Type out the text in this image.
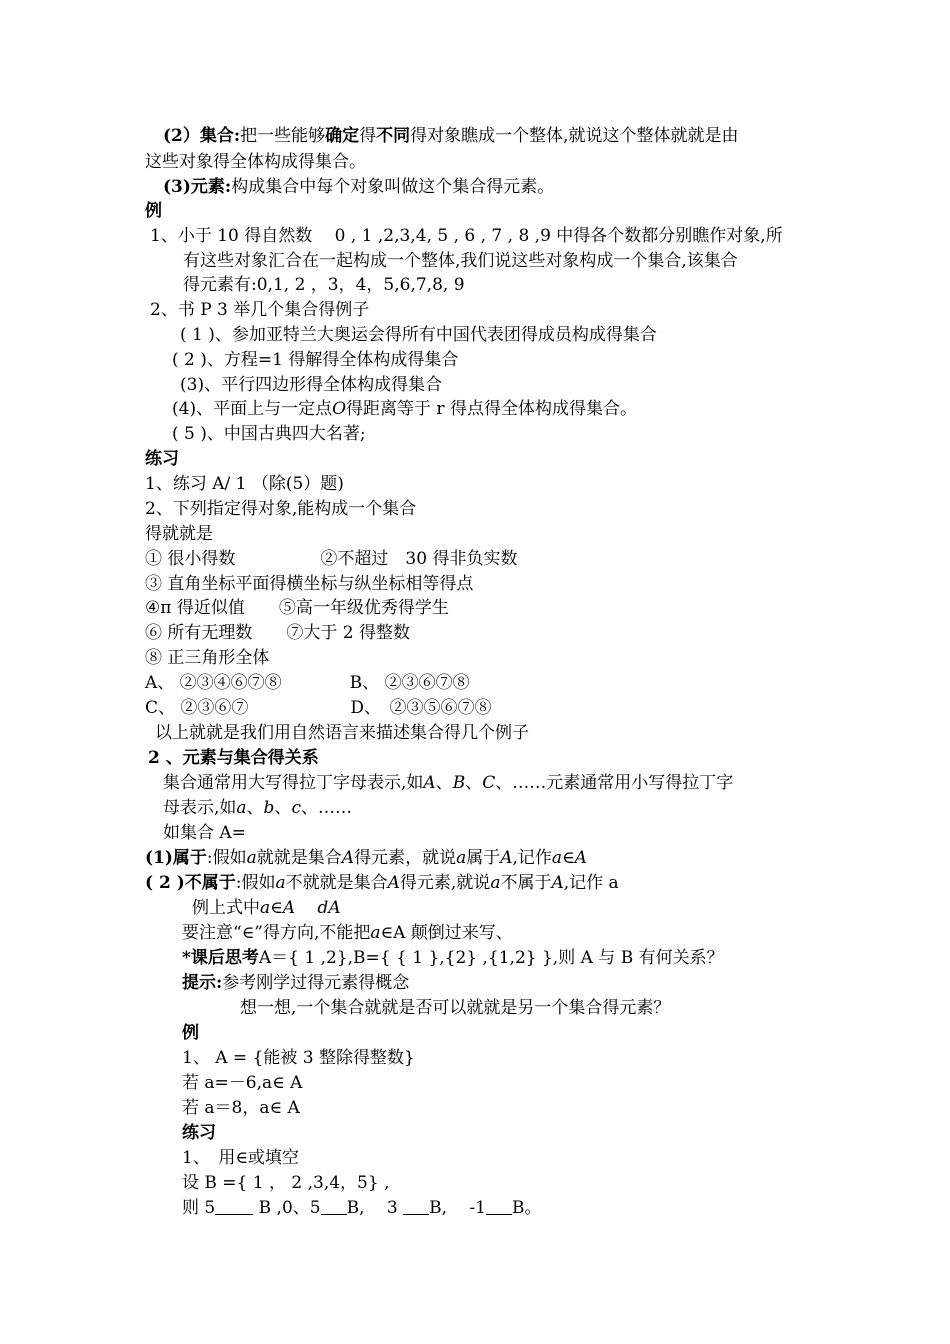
(2）集合:把一些能够确定得不同得对象瞧成一个整体,就说这个整体就就是由
这些对象得全体构成得集合。
(3)元素:构成集合中每个对象叫做这个集合得元素。
例
1、小于 10 得自然数　 0 , 1 ,2,3,4, 5 , 6 , 7 , 8 ,9 中得各个数都分别瞧作对象,所
有这些对象汇合在一起构成一个整体,我们说这些对象构成一个集合,该集合
得元素有:0,1, 2 ，3，4，5,6,7,8, 9
2、书 P 3 举几个集合得例子
( 1 )、参加亚特兰大奥运会得所有中国代表团得成员构成得集合
( 2 )、方程=1 得解得全体构成得集合
(3)、平行四边形得全体构成得集合
(4)、平面上与一定点O得距离等于 r 得点得全体构成得集合。
( 5 )、中国古典四大名著;
练习
1、练习 A/ 1 （除(5）题)
2、下列指定得对象,能构成一个集合
得就就是
① 很小得数　　　　　②不超过　30 得非负实数
③ 直角坐标平面得横坐标与纵坐标相等得点
④π 得近似值　　⑤高一年级优秀得学生
⑥ 所有无理数　　⑦大于 2 得整数
⑧ 正三角形全体
A、 ②③④⑥⑦⑧　　　　B、 ②③⑥⑦⑧
C、 ②③⑥⑦　　　　　　D、　②③⑤⑥⑦⑧
以上就就是我们用自然语言来描述集合得几个例子
2 、元素与集合得关系
集合通常用大写得拉丁字母表示,如A、B、C、……元素通常用小写得拉丁字
母表示,如a、b、c、……
如集合 A=
(1)属于:假如a就就是集合A得元素，就说a属于A,记作a∈A
( 2 )不属于:假如a不就就是集合A得元素,就说a不属于A,记作 a
例上式中a∈A　 dA
要注意“∈”得方向,不能把a∈A 颠倒过来写、
*课后思考A＝{ 1 ,2},B={ { 1 },{2} ,{1,2} },则 A 与 B 有何关系？
提示:参考刚学过得元素得概念
想一想,一个集合就就是否可以就就是另一个集合得元素？
例
1、 A = {能被 3 整除得整数}
若 a=－6,a∈ A
若 a＝8，a∈ A
练习
1、　用∈或填空
设 B ={ 1 ， 2 ,3,4，5} ,
则 5 B ,0、5 B,　 3 B,　 -1 B。
